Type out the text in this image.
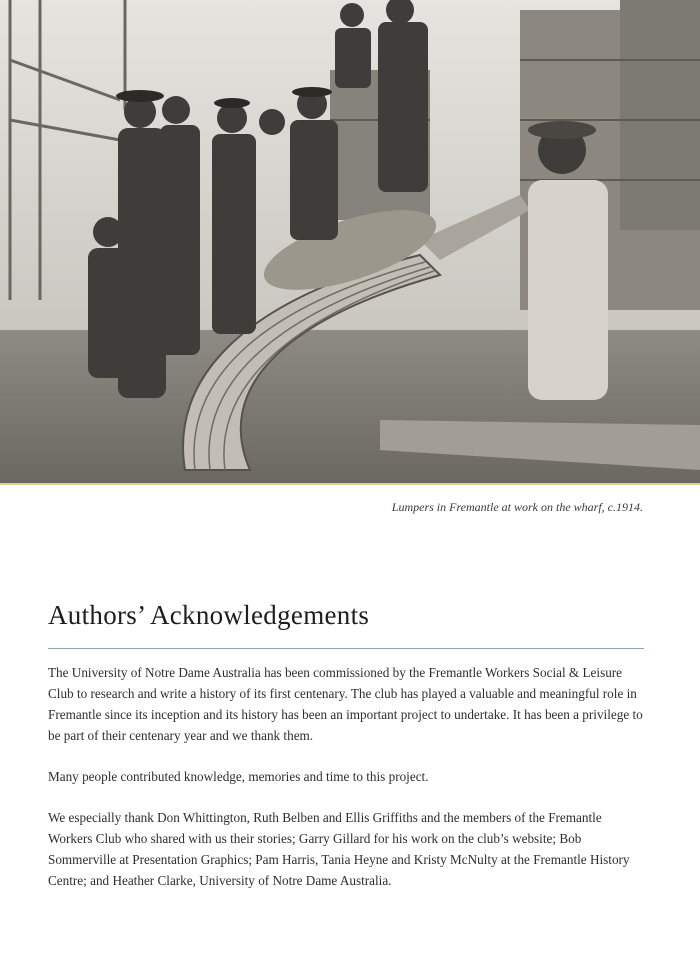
Lumpers in Fremantle at work on the wharf, c.1914.
Authors’ Acknowledgements

The University of Notre Dame Australia has been commissioned by the Fremantle Workers Social & Leisure Club to research and write a history of its first centenary. The club has played a valuable and meaningful role in Fremantle since its inception and its history has been an important project to undertake. It has been a privilege to be part of their centenary year and we thank them.

Many people contributed knowledge, memories and time to this project.

We especially thank Don Whittington, Ruth Belben and Ellis Griffiths and the members of the Fremantle Workers Club who shared with us their stories; Garry Gillard for his work on the club’s website; Bob Sommerville at Presentation Graphics; Pam Harris, Tania Heyne and Kristy McNulty at the Fremantle History Centre; and Heather Clarke, University of Notre Dame Australia.
